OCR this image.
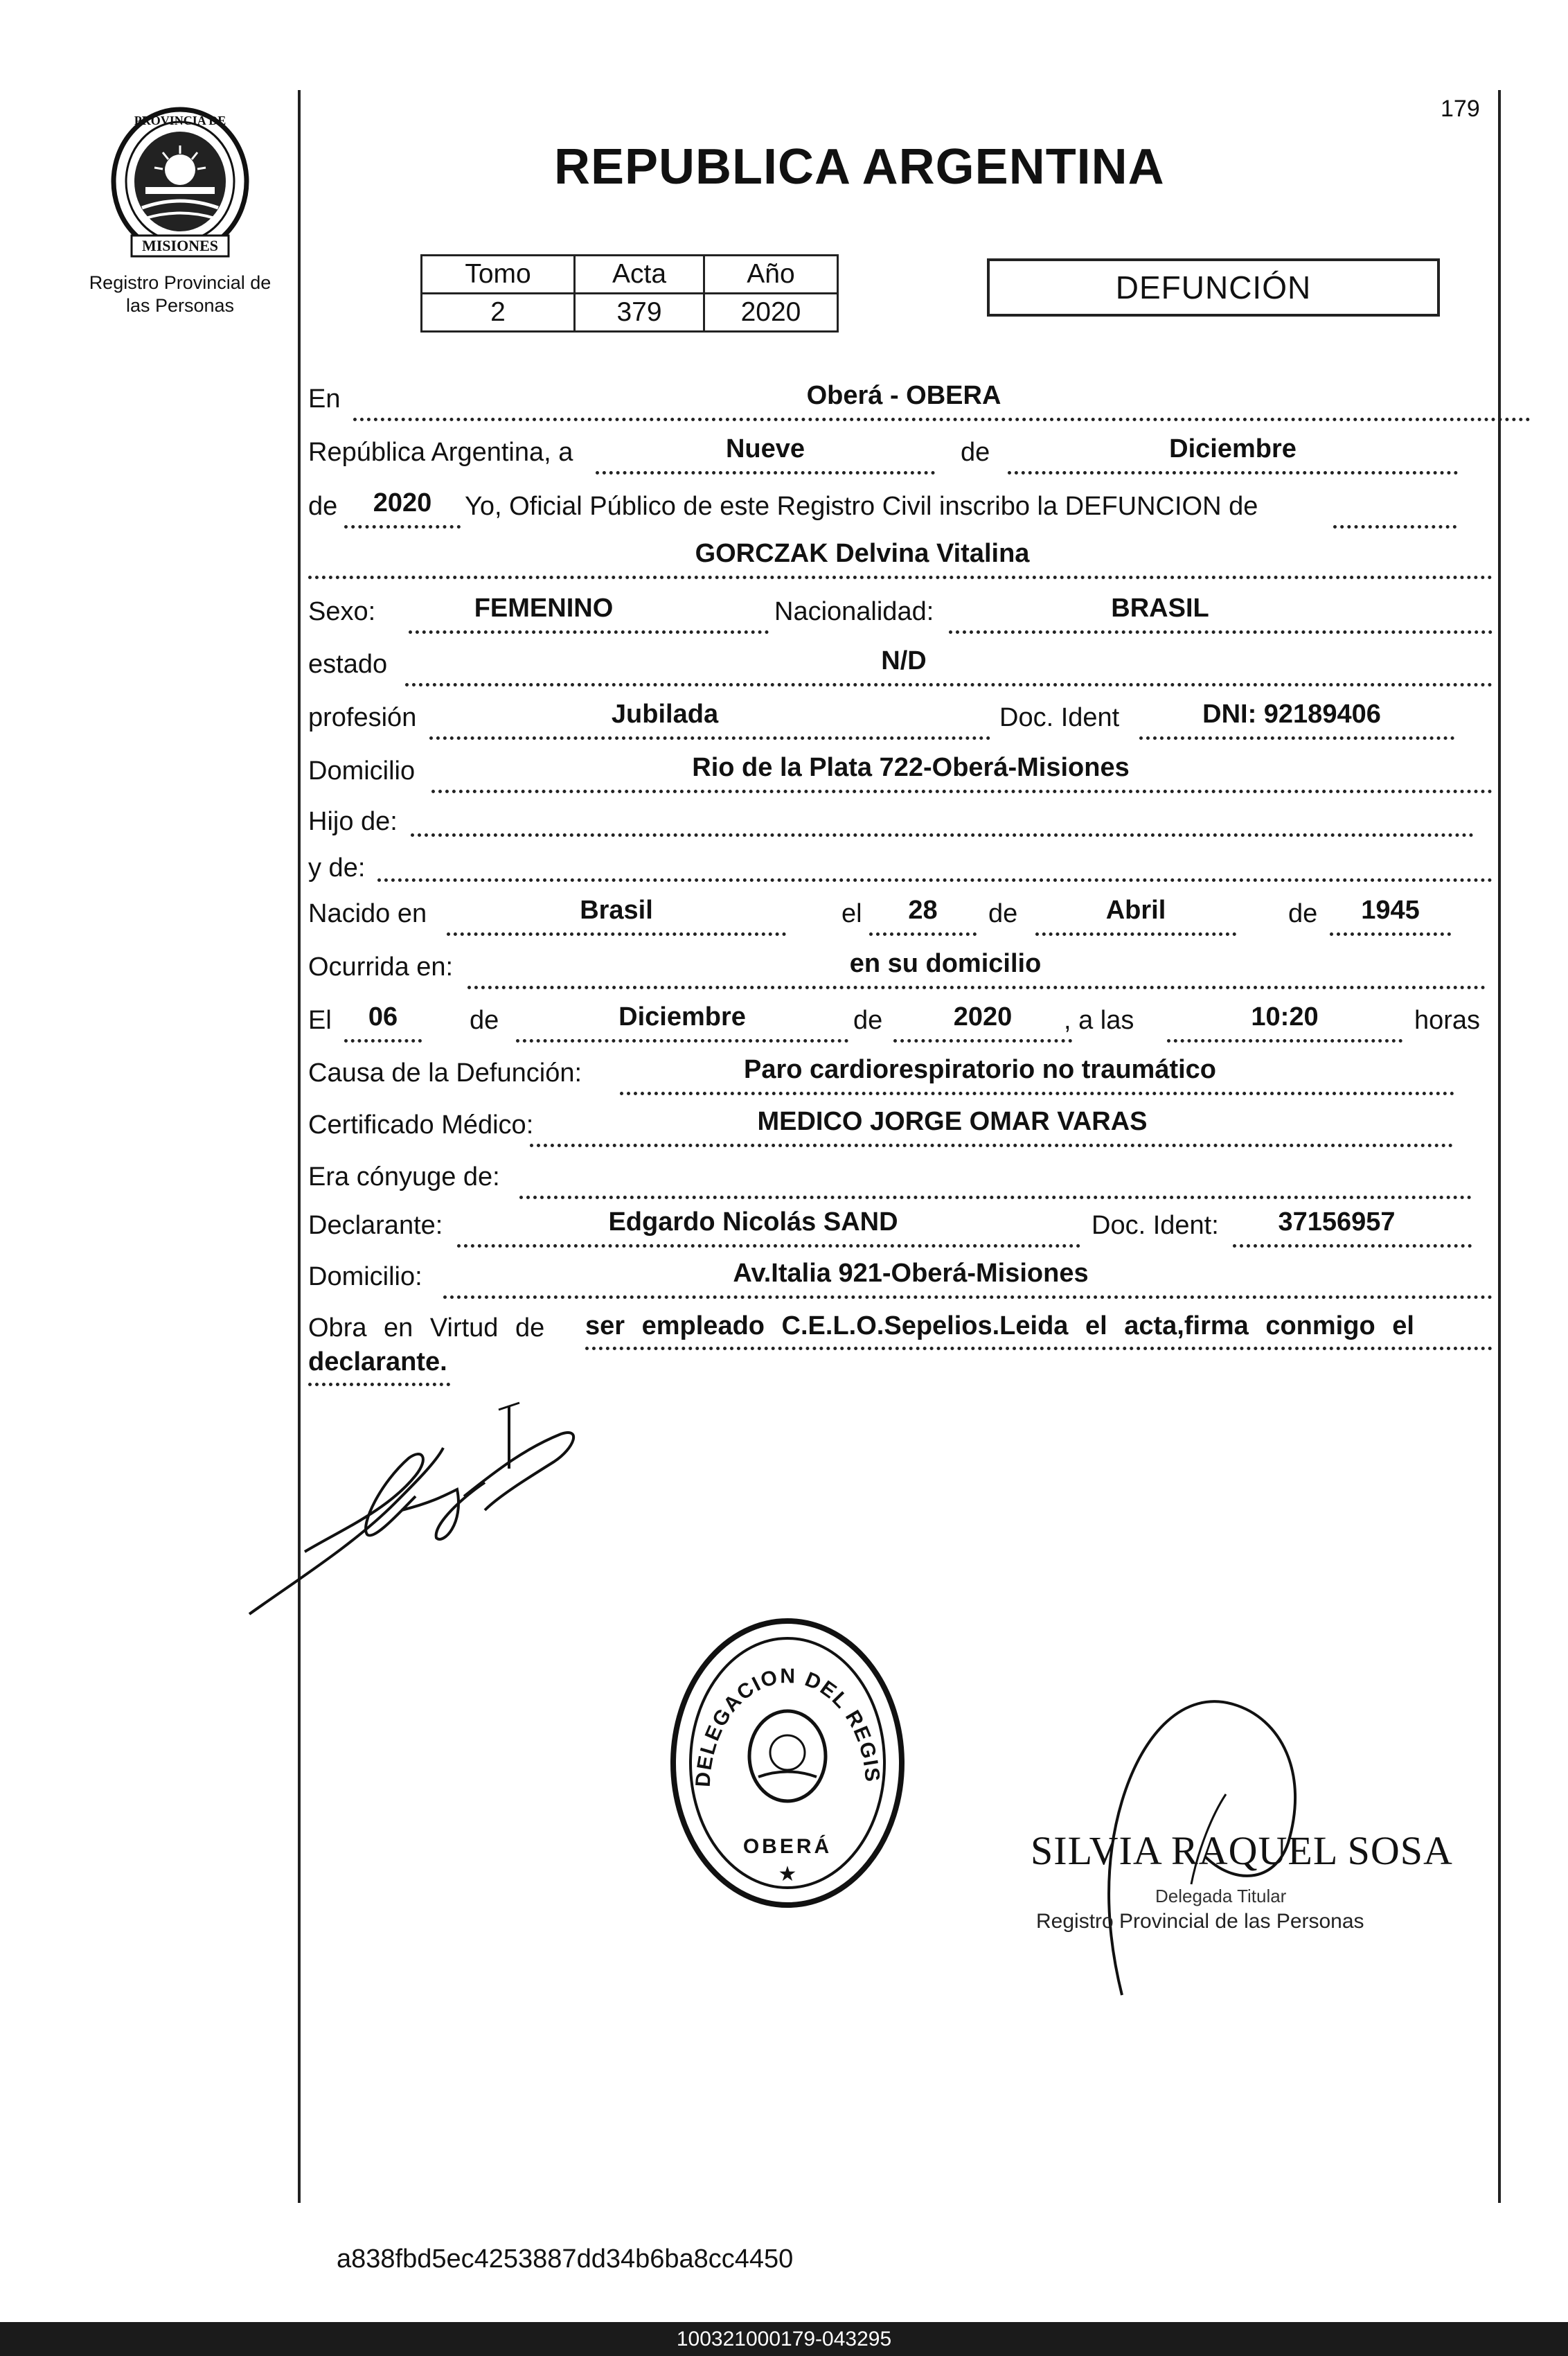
179
MISIONES
PROVINCIA DE
Registro Provincial de
las Personas
REPUBLICA ARGENTINA
Tomo	Acta	Año
2	379	2020
DEFUNCIÓN
En	Oberá - OBERA
República Argentina, a	Nueve	de	Diciembre
de	2020	Yo, Oficial Público de este Registro Civil inscribo la DEFUNCION de
GORCZAK Delvina Vitalina
Sexo:	FEMENINO	Nacionalidad:	BRASIL
estado	N/D
profesión	Jubilada	Doc. Ident	DNI: 92189406
Domicilio	Rio de la Plata 722-Oberá-Misiones
Hijo de:
y de:
Nacido en	Brasil	el	28	de	Abril	de	1945
Ocurrida en:	en su domicilio
El	06	de	Diciembre	de	2020	, a las	10:20	horas
Causa de la Defunción:	Paro cardiorespiratorio no traumático
Certificado Médico:	MEDICO JORGE OMAR VARAS
Era cónyuge de:
Declarante:	Edgardo Nicolás SAND	Doc. Ident:	37156957
Domicilio:	Av.Italia 921-Oberá-Misiones
Obra en Virtud de ser empleado C.E.L.O.Sepelios.Leida el acta,firma conmigo el
declarante.
DELEGACION DEL REGIS
OBERÁ
★
SILVIA RAQUEL SOSA
Delegada Titular
Registro Provincial de las Personas
a838fbd5ec4253887dd34b6ba8cc4450
100321000179-043295
